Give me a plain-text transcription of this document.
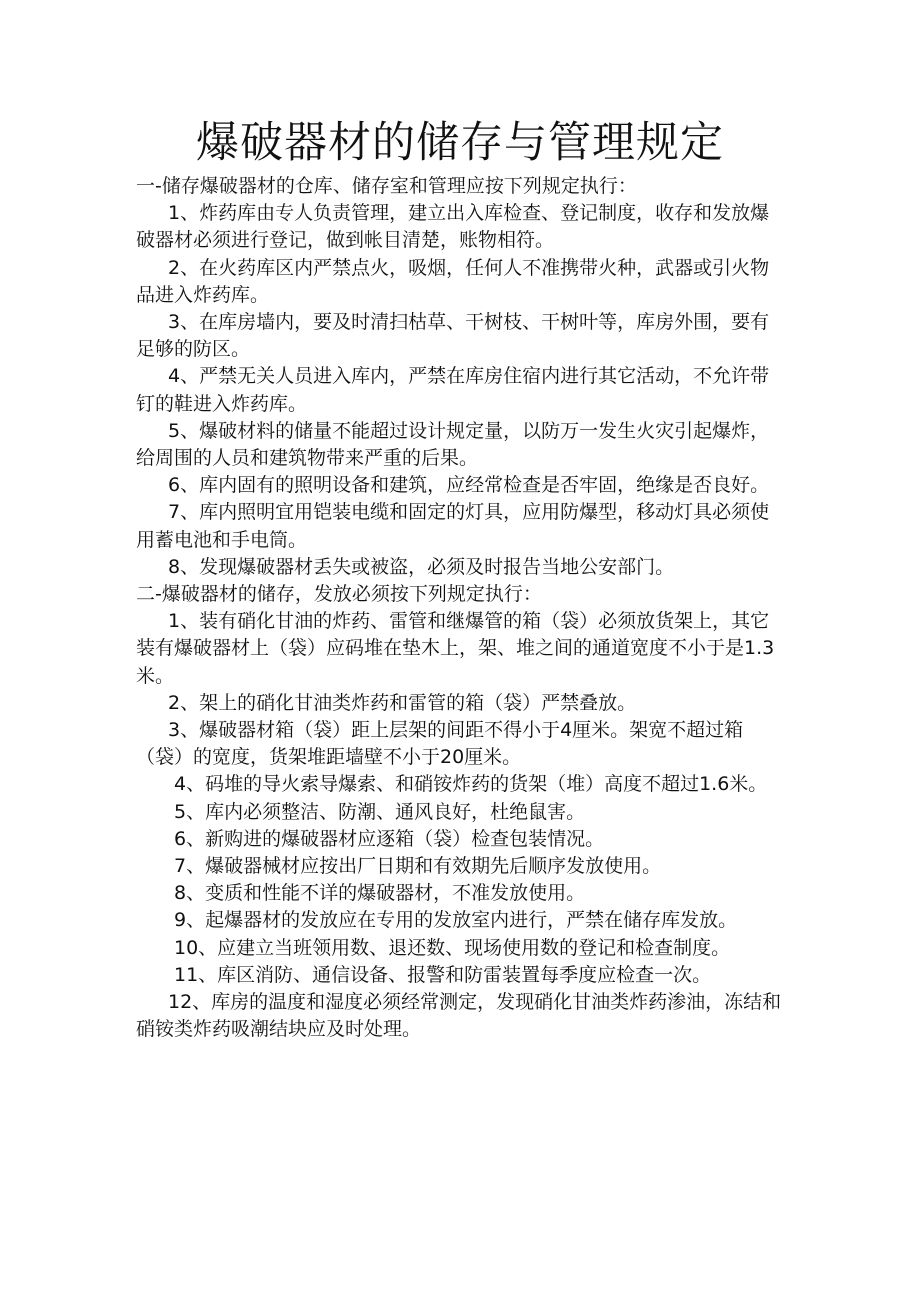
爆破器材的储存与管理规定

一-储存爆破器材的仓库、储存室和管理应按下列规定执行：

1、炸药库由专人负责管理，建立出入库检查、登记制度，收存和发放爆破器材必须进行登记，做到帐目清楚，账物相符。

2、在火药库区内严禁点火，吸烟，任何人不准携带火种，武器或引火物品进入炸药库。

3、在库房墙内，要及时清扫枯草、干树枝、干树叶等，库房外围，要有足够的防区。

4、严禁无关人员进入库内，严禁在库房住宿内进行其它活动，不允许带钉的鞋进入炸药库。

5、爆破材料的储量不能超过设计规定量，以防万一发生火灾引起爆炸，给周围的人员和建筑物带来严重的后果。

6、库内固有的照明设备和建筑，应经常检查是否牢固，绝缘是否良好。

7、库内照明宜用铠装电缆和固定的灯具，应用防爆型，移动灯具必须使用蓄电池和手电筒。

8、发现爆破器材丢失或被盗，必须及时报告当地公安部门。

二-爆破器材的储存，发放必须按下列规定执行：

1、装有硝化甘油的炸药、雷管和继爆管的箱（袋）必须放货架上，其它装有爆破器材上（袋）应码堆在垫木上，架、堆之间的通道宽度不小于是1.3米。

2、架上的硝化甘油类炸药和雷管的箱（袋）严禁叠放。

3、爆破器材箱（袋）距上层架的间距不得小于4厘米。架宽不超过箱（袋）的宽度，货架堆距墙壁不小于20厘米。

4、码堆的导火索导爆索、和硝铵炸药的货架（堆）高度不超过1.6米。

5、库内必须整洁、防潮、通风良好，杜绝鼠害。

6、新购进的爆破器材应逐箱（袋）检查包装情况。

7、爆破器械材应按出厂日期和有效期先后顺序发放使用。

8、变质和性能不详的爆破器材，不准发放使用。

9、起爆器材的发放应在专用的发放室内进行，严禁在储存库发放。

10、应建立当班领用数、退还数、现场使用数的登记和检查制度。

11、库区消防、通信设备、报警和防雷装置每季度应检查一次。

12、库房的温度和湿度必须经常测定，发现硝化甘油类炸药渗油，冻结和硝铵类炸药吸潮结块应及时处理。
